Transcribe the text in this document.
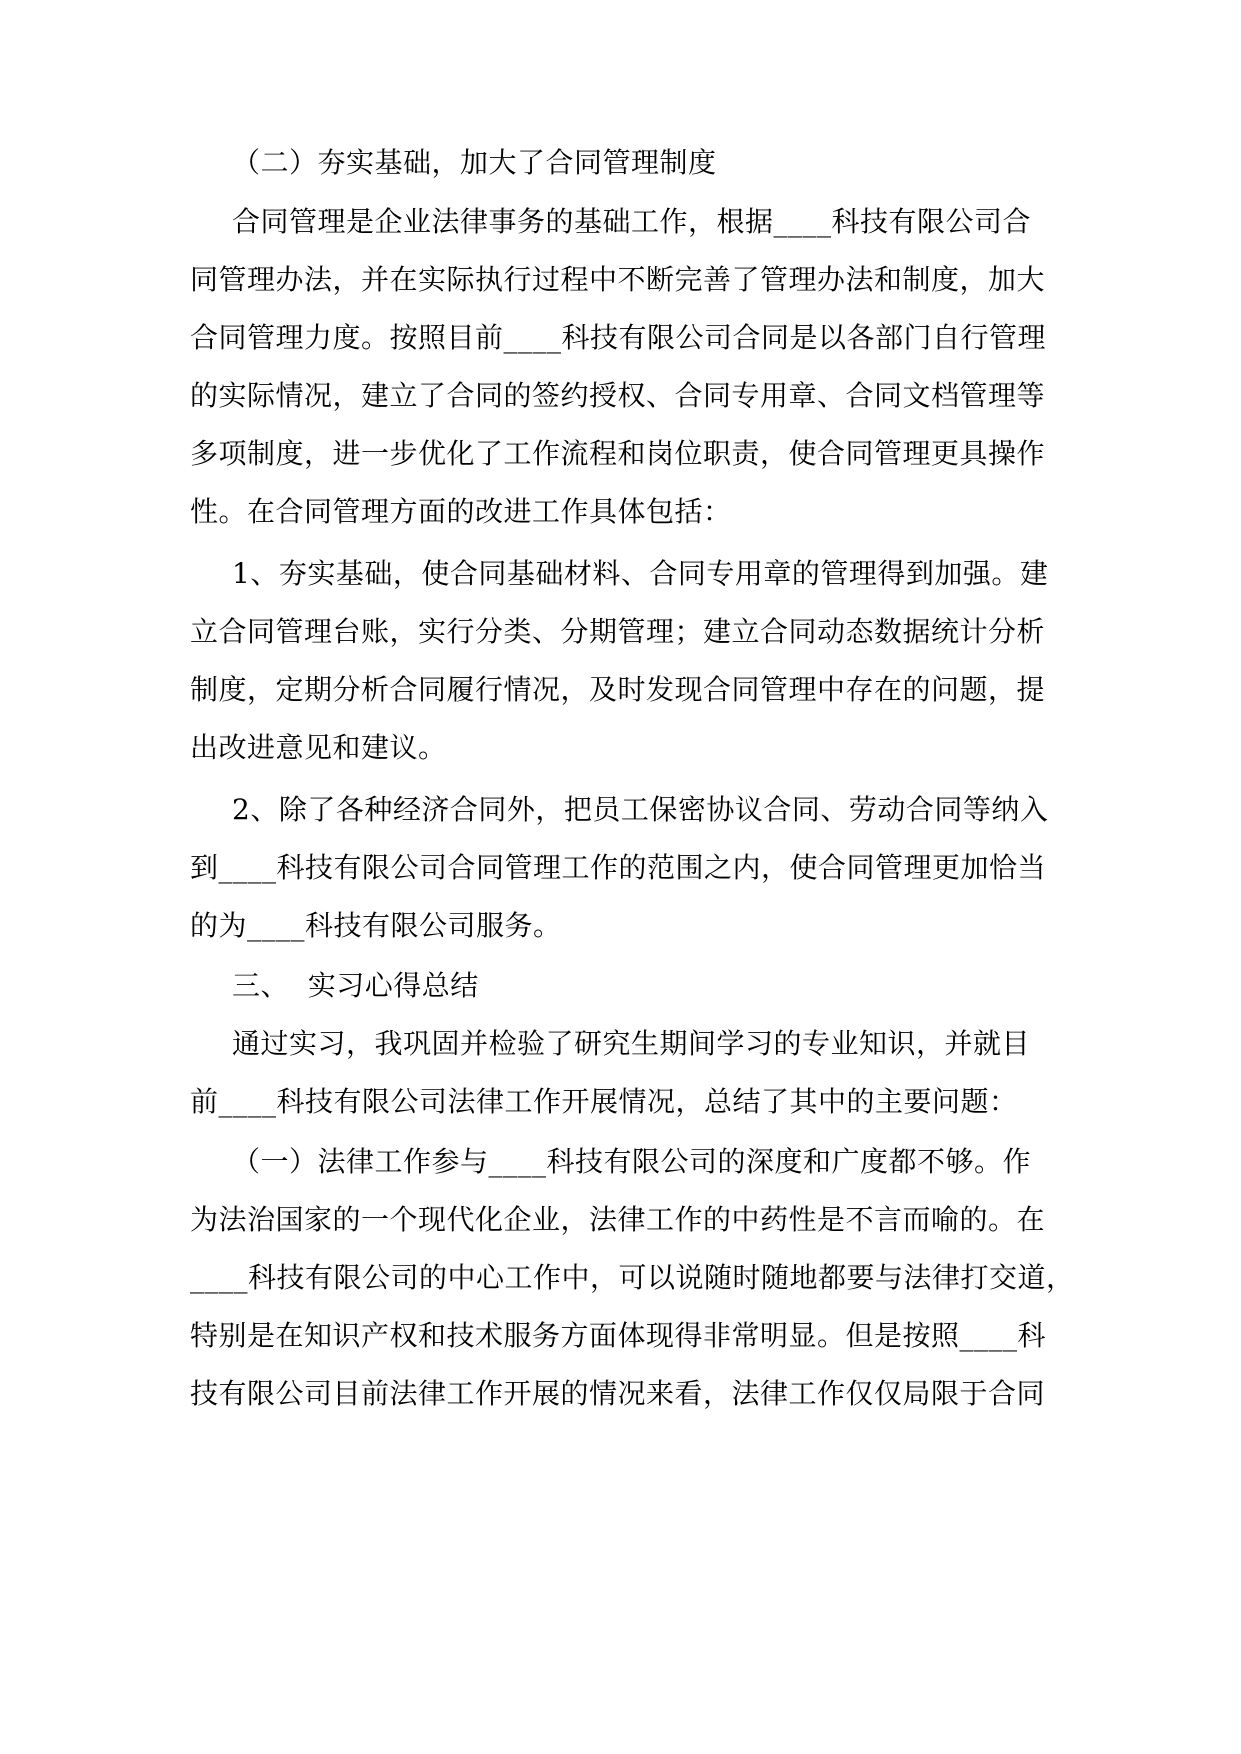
（二）夯实基础，加大了合同管理制度
合同管理是企业法律事务的基础工作，根据____科技有限公司合
同管理办法，并在实际执行过程中不断完善了管理办法和制度，加大
合同管理力度。按照目前____科技有限公司合同是以各部门自行管理
的实际情况，建立了合同的签约授权、合同专用章、合同文档管理等
多项制度，进一步优化了工作流程和岗位职责，使合同管理更具操作
性。在合同管理方面的改进工作具体包括：
1、夯实基础，使合同基础材料、合同专用章的管理得到加强。建
立合同管理台账，实行分类、分期管理；建立合同动态数据统计分析
制度，定期分析合同履行情况，及时发现合同管理中存在的问题，提
出改进意见和建议。
2、除了各种经济合同外，把员工保密协议合同、劳动合同等纳入
到____科技有限公司合同管理工作的范围之内，使合同管理更加恰当
的为____科技有限公司服务。
三、  实习心得总结
通过实习，我巩固并检验了研究生期间学习的专业知识，并就目
前____科技有限公司法律工作开展情况，总结了其中的主要问题：
（一）法律工作参与____科技有限公司的深度和广度都不够。作
为法治国家的一个现代化企业，法律工作的中药性是不言而喻的。在
____科技有限公司的中心工作中，可以说随时随地都要与法律打交道，
特别是在知识产权和技术服务方面体现得非常明显。但是按照____科
技有限公司目前法律工作开展的情况来看，法律工作仅仅局限于合同
